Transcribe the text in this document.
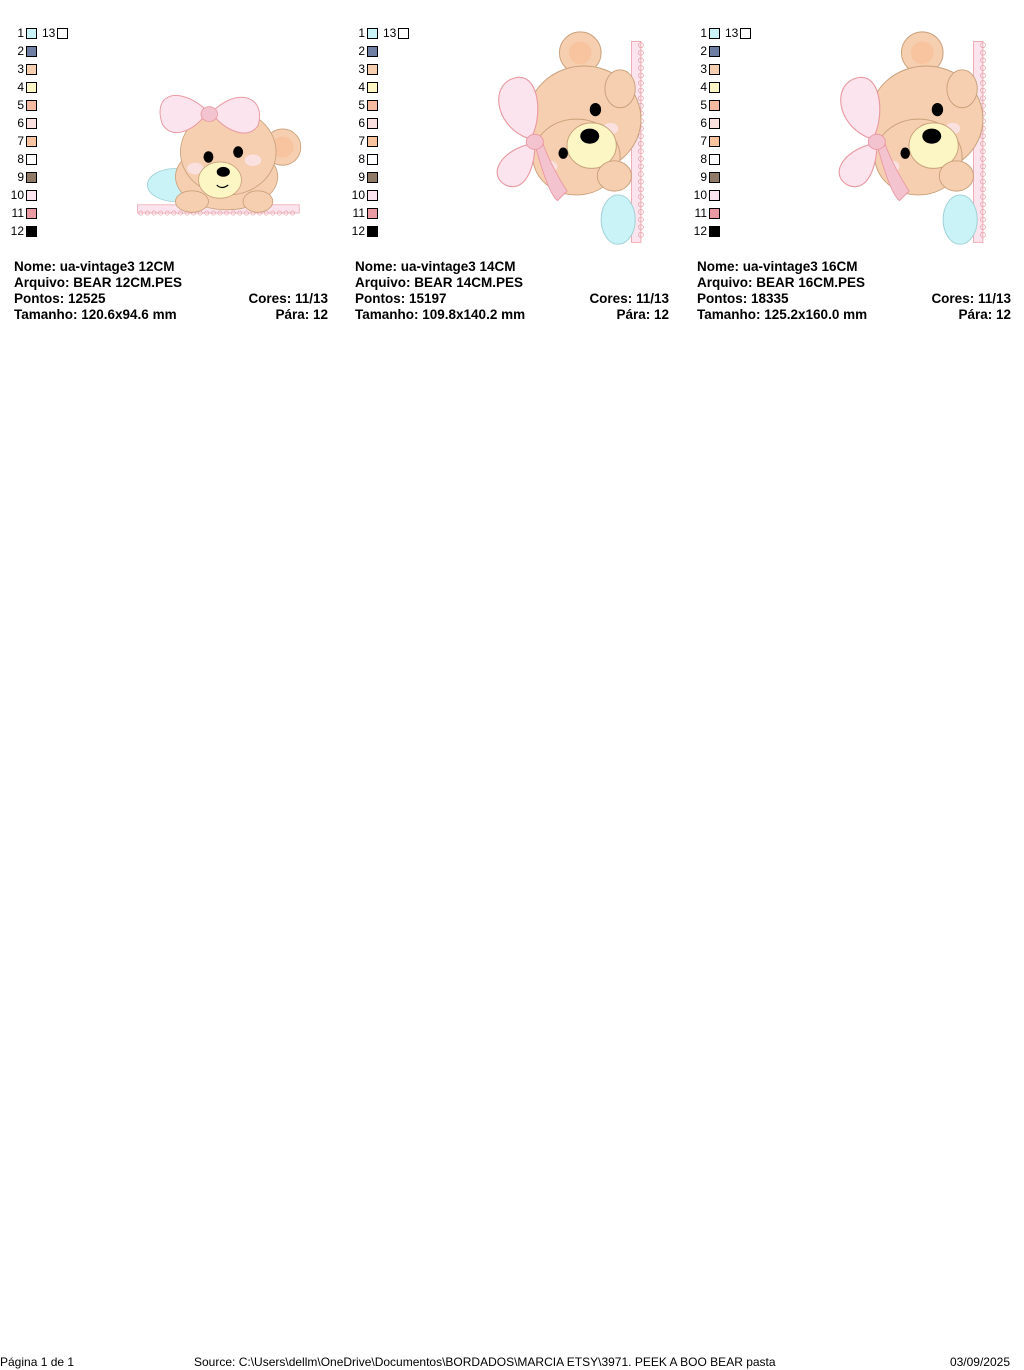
1
2
3
4
5
6
7
8
9
10
11
12
13
Nome: ua-vintage3 12CM
Arquivo: BEAR 12CM.PES
Pontos: 12525	Cores: 11/13
Tamanho: 120.6x94.6 mm	Pára: 12
1
2
3
4
5
6
7
8
9
10
11
12
13
Nome: ua-vintage3 14CM
Arquivo: BEAR 14CM.PES
Pontos: 15197	Cores: 11/13
Tamanho: 109.8x140.2 mm	Pára: 12
1
2
3
4
5
6
7
8
9
10
11
12
13
Nome: ua-vintage3 16CM
Arquivo: BEAR 16CM.PES
Pontos: 18335	Cores: 11/13
Tamanho: 125.2x160.0 mm	Pára: 12
Página 1 de 1	Source: C:\Users\dellm\OneDrive\Documentos\BORDADOS\MARCIA ETSY\3971. PEEK A BOO BEAR pasta	03/09/2025
